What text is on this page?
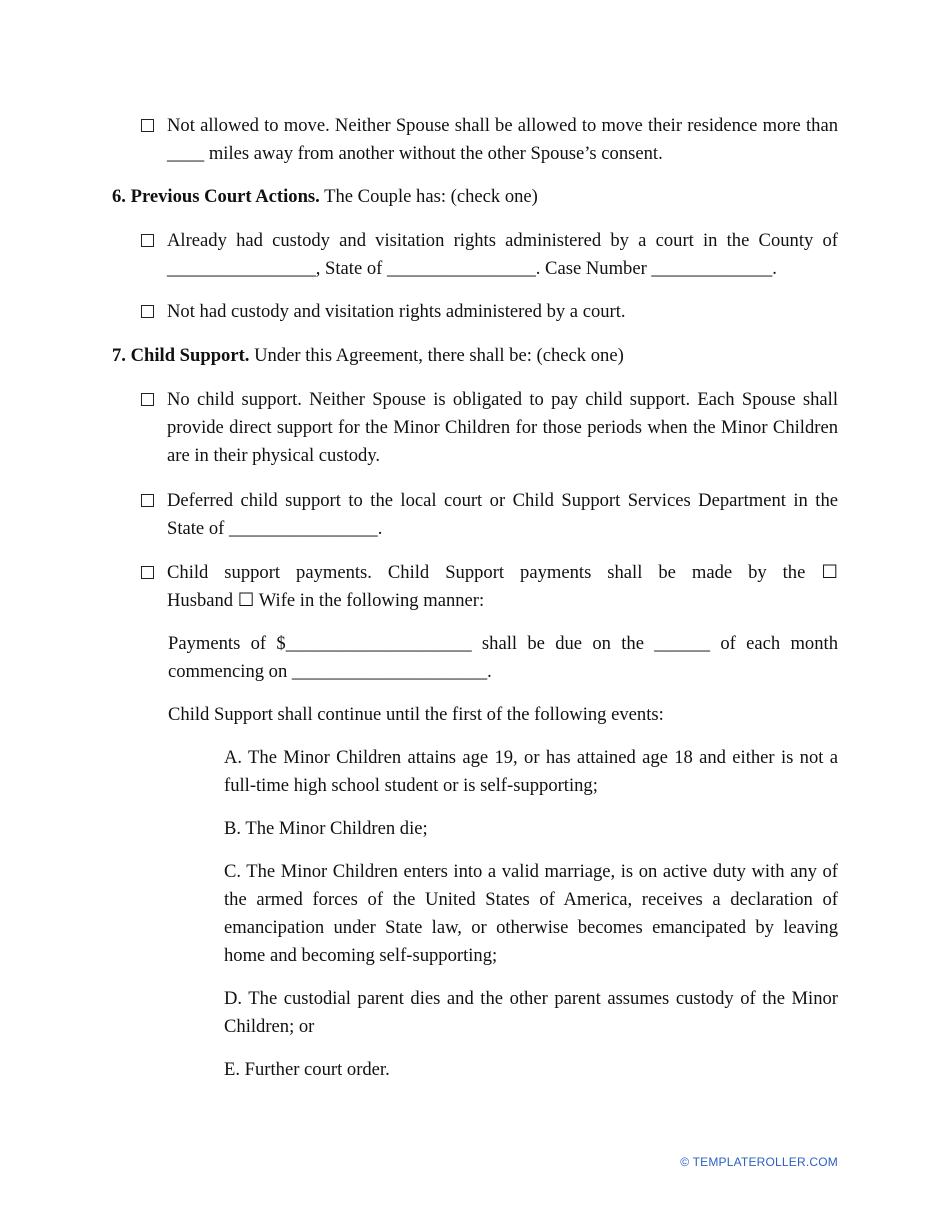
Not allowed to move. Neither Spouse shall be allowed to move their residence more than ____ miles away from another without the other Spouse’s consent.
6. Previous Court Actions. The Couple has: (check one)
Already had custody and visitation rights administered by a court in the County of ________________, State of ________________. Case Number _____________.
Not had custody and visitation rights administered by a court.
7. Child Support. Under this Agreement, there shall be: (check one)
No child support. Neither Spouse is obligated to pay child support. Each Spouse shall provide direct support for the Minor Children for those periods when the Minor Children are in their physical custody.
Deferred child support to the local court or Child Support Services Department in the State of ________________.
Child support payments. Child Support payments shall be made by the ☐
Husband ☐ Wife in the following manner:
Payments of $____________________ shall be due on the ______ of each month commencing on _____________________.
Child Support shall continue until the first of the following events:
A. The Minor Children attains age 19, or has attained age 18 and either is not a full-time high school student or is self-supporting;
B. The Minor Children die;
C. The Minor Children enters into a valid marriage, is on active duty with any of the armed forces of the United States of America, receives a declaration of emancipation under State law, or otherwise becomes emancipated by leaving home and becoming self-supporting;
D. The custodial parent dies and the other parent assumes custody of the Minor Children; or
E. Further court order.
© TEMPLATEROLLER.COM
